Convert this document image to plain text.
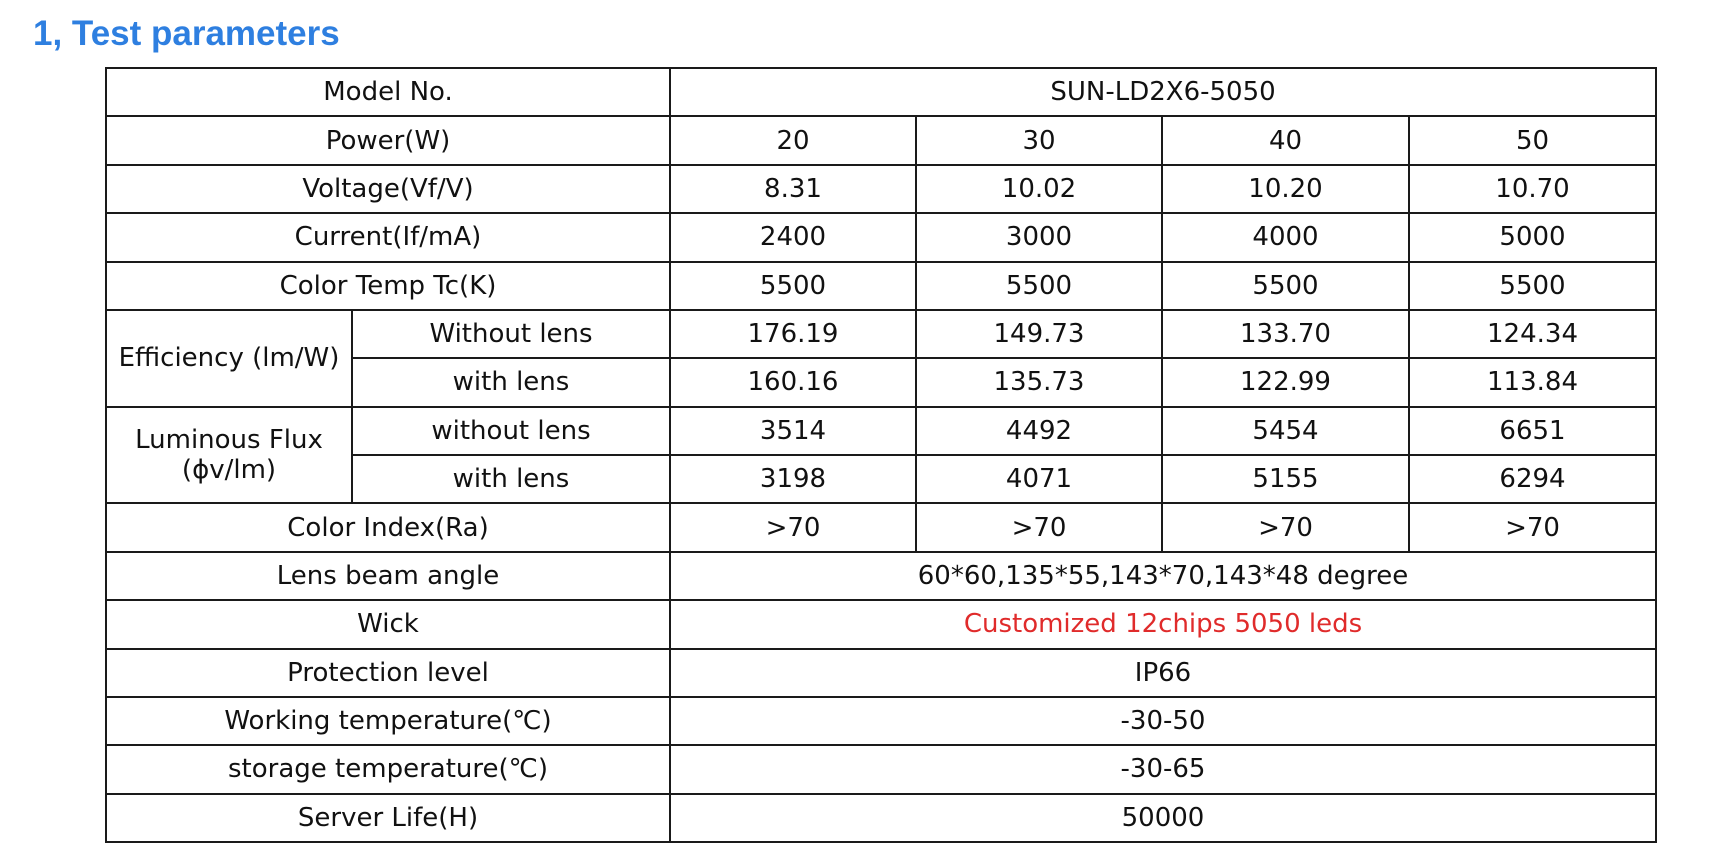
1, Test parameters
Model No.		SUN-LD2X6-5050			
Power(W)		20	30	40	50
Voltage(Vf/V)		8.31	10.02	10.20	10.70
Current(If/mA)		2400	3000	4000	5000
Color Temp Tc(K)		5500	5500	5500	5500
Efficiency (lm/W)	Without lens	176.19	149.73	133.70	124.34
	with lens	160.16	135.73	122.99	113.84

Luminous Flux
(ϕv/lm)	without lens	3514	4492	5454	6651
	with lens	3198	4071	5155	6294
Color Index(Ra)		>70	>70	>70	>70
Lens beam angle		60*60,135*55,143*70,143*48 degree			
Wick		Customized 12chips 5050 leds			
Protection level		IP66			
Working temperature(℃)		-30-50			
storage temperature(℃)		-30-65			
Server Life(H)		50000			
